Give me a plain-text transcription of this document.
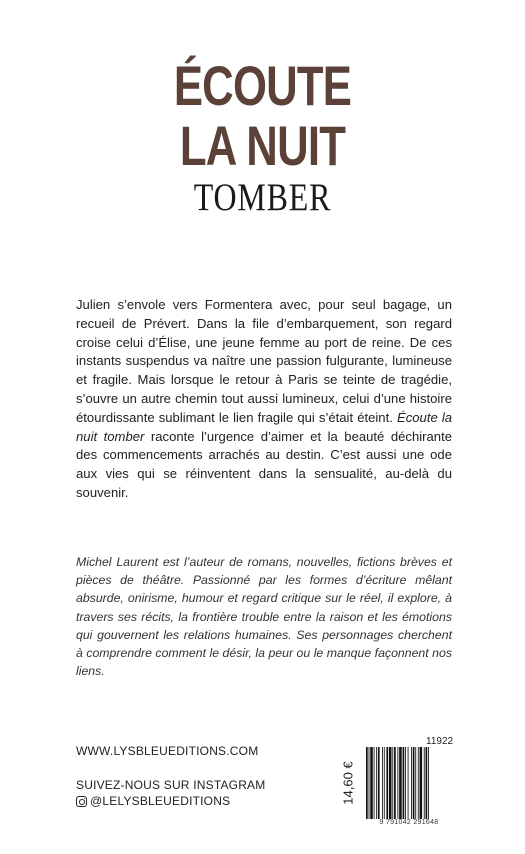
ÉCOUTE
LA NUIT
TOMBER

Julien s’envole vers Formentera avec, pour seul bagage, un recueil de Prévert. Dans la file d’embarquement, son regard croise celui d’Élise, une jeune femme au port de reine. De ces instants suspendus va naître une passion fulgurante, lumineuse et fragile. Mais lorsque le retour à Paris se teinte de tragédie, s’ouvre un autre chemin tout aussi lumineux, celui d’une histoire étourdissante sublimant le lien fragile qui s’était éteint. Écoute la nuit tomber raconte l’urgence d’aimer et la beauté déchirante des commencements arrachés au destin. C’est aussi une ode aux vies qui se réinventent dans la sensualité, au-delà du souvenir.

Michel Laurent est l’auteur de romans, nouvelles, fictions brèves et pièces de théâtre. Passionné par les formes d’écriture mêlant absurde, onirisme, humour et regard critique sur le réel, il explore, à travers ses récits, la frontière trouble entre la raison et les émotions qui gouvernent les relations humaines. Ses personnages cherchent à comprendre comment le désir, la peur ou le manque façonnent nos liens.

WWW.LYSBLEUEDITIONS.COM
SUIVEZ-NOUS SUR INSTAGRAM
@LELYSBLEUEDITIONS	14,60 €
11922
9 791042 291648
